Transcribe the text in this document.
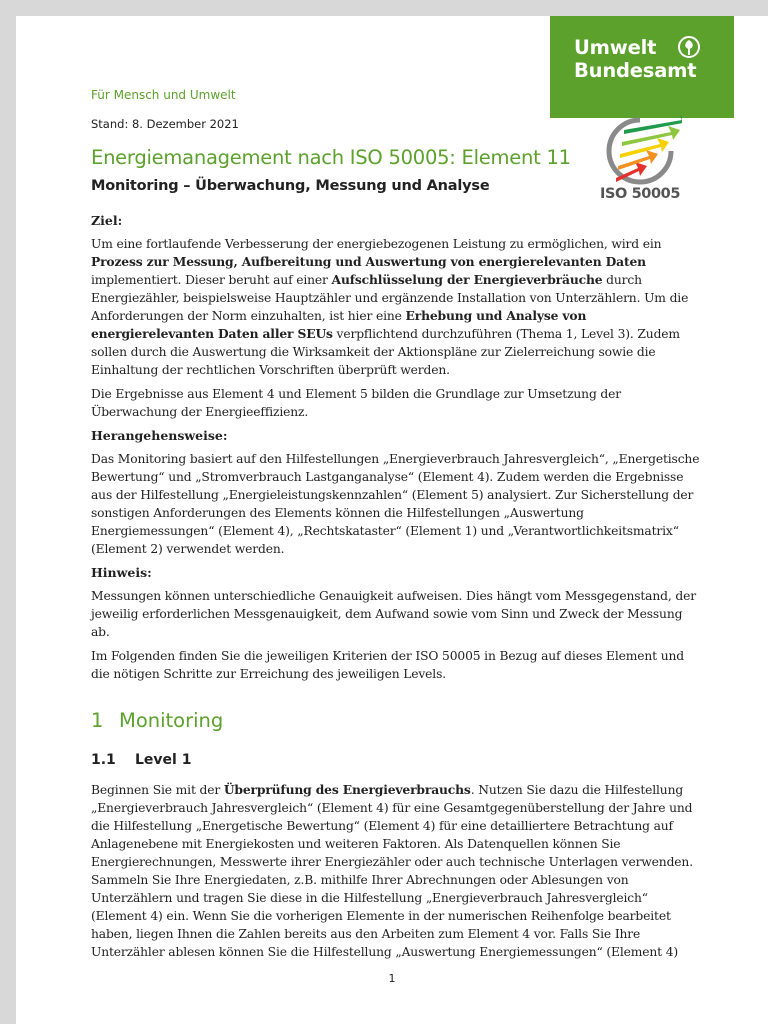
Umwelt
Bundesamt
Für Mensch und Umwelt
Stand: 8. Dezember 2021
Energiemanagement nach ISO 50005: Element 11
Monitoring – Überwachung, Messung und Analyse	ISO 50005
Ziel:

Um eine fortlaufende Verbesserung der energiebezogenen Leistung zu ermöglichen, wird ein Prozess zur Messung, Aufbereitung und Auswertung von energierelevanten Daten implementiert. Dieser beruht auf einer Aufschlüsselung der Energieverbräuche durch Energiezähler, beispielsweise Hauptzähler und ergänzende Installation von Unterzählern. Um die Anforderungen der Norm einzuhalten, ist hier eine Erhebung und Analyse von energierelevanten Daten aller SEUs verpflichtend durchzuführen (Thema 1, Level 3). Zudem sollen durch die Auswertung die Wirksamkeit der Aktionspläne zur Zielerreichung sowie die Einhaltung der rechtlichen Vorschriften überprüft werden.

Die Ergebnisse aus Element 4 und Element 5 bilden die Grundlage zur Umsetzung der Überwachung der Energieeffizienz.

Herangehensweise:

Das Monitoring basiert auf den Hilfestellungen „Energieverbrauch Jahresvergleich“, „Energetische Bewertung“ und „Stromverbrauch Lastganganalyse“ (Element 4). Zudem werden die Ergebnisse aus der Hilfestellung „Energieleistungskennzahlen“ (Element 5) analysiert. Zur Sicherstellung der sonstigen Anforderungen des Elements können die Hilfestellungen „Auswertung Energiemessungen“ (Element 4), „Rechtskataster“ (Element 1) und „Verantwortlichkeitsmatrix“ (Element 2) verwendet werden.

Hinweis:

Messungen können unterschiedliche Genauigkeit aufweisen. Dies hängt vom Messgegenstand, der jeweilig erforderlichen Messgenauigkeit, dem Aufwand sowie vom Sinn und Zweck der Messung ab.

Im Folgenden finden Sie die jeweiligen Kriterien der ISO 50005 in Bezug auf dieses Element und die nötigen Schritte zur Erreichung des jeweiligen Levels.

1 Monitoring
1.1 Level 1

Beginnen Sie mit der Überprüfung des Energieverbrauchs. Nutzen Sie dazu die Hilfestellung „Energieverbrauch Jahresvergleich“ (Element 4) für eine Gesamtgegenüberstellung der Jahre und die Hilfestellung „Energetische Bewertung“ (Element 4) für eine detailliertere Betrachtung auf Anlagenebene mit Energiekosten und weiteren Faktoren. Als Datenquellen können Sie Energierechnungen, Messwerte ihrer Energiezähler oder auch technische Unterlagen verwenden. Sammeln Sie Ihre Energiedaten, z.B. mithilfe Ihrer Abrechnungen oder Ablesungen von Unterzählern und tragen Sie diese in die Hilfestellung „Energieverbrauch Jahresvergleich“ (Element 4) ein. Wenn Sie die vorherigen Elemente in der numerischen Reihenfolge bearbeitet haben, liegen Ihnen die Zahlen bereits aus den Arbeiten zum Element 4 vor. Falls Sie Ihre Unterzähler ablesen können Sie die Hilfestellung „Auswertung Energiemessungen“ (Element 4)

1
